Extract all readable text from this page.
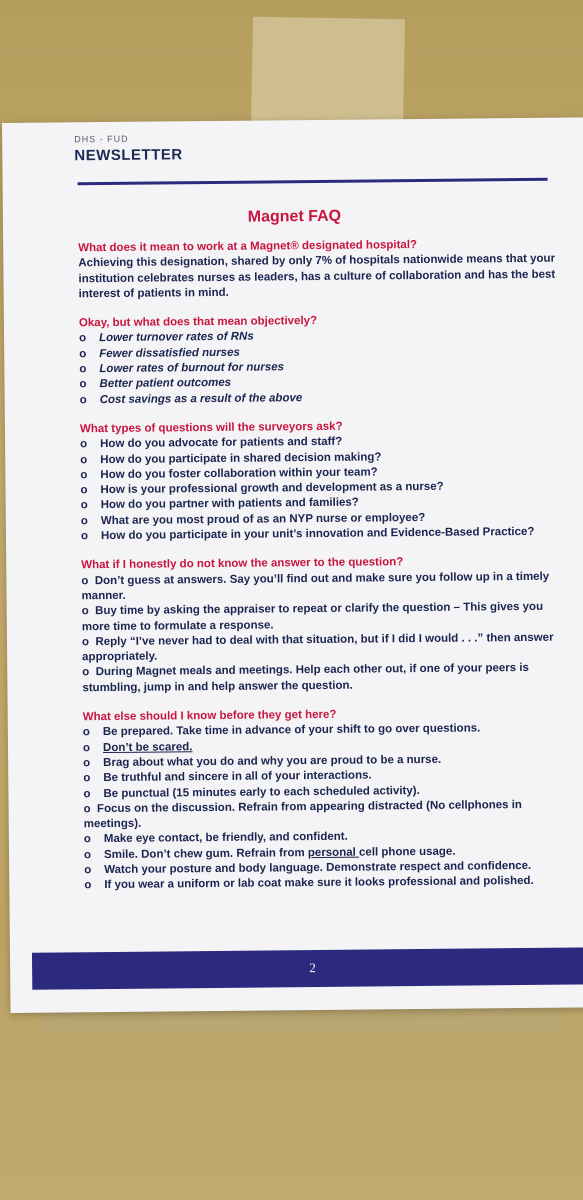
DHS - FUD
NEWSLETTER
Magnet FAQ
What does it mean to work at a Magnet® designated hospital?
Achieving this designation, shared by only 7% of hospitals nationwide means that your institution celebrates nurses as leaders, has a culture of collaboration and has the best interest of patients in mind.
Okay, but what does that mean objectively?
o	Lower turnover rates of RNs
o	Fewer dissatisfied nurses
o	Lower rates of burnout for nurses
o	Better patient outcomes
o	Cost savings as a result of the above
What types of questions will the surveyors ask?
o	How do you advocate for patients and staff?
o	How do you participate in shared decision making?
o	How do you foster collaboration within your team?
o	How is your professional growth and development as a nurse?
o	How do you partner with patients and families?
o	What are you most proud of as an NYP nurse or employee?
o	How do you participate in your unit’s innovation and Evidence-Based Practice?
What if I honestly do not know the answer to the question?
o  Don’t guess at answers. Say you’ll find out and make sure you follow up in a timely manner.
o  Buy time by asking the appraiser to repeat or clarify the question – This gives you more time to formulate a response.
o  Reply “I’ve never had to deal with that situation, but if I did I would . . .” then answer appropriately.
o  During Magnet meals and meetings. Help each other out, if one of your peers is stumbling, jump in and help answer the question.
What else should I know before they get here?
o	Be prepared. Take time in advance of your shift to go over questions.
o	Don’t be scared.
o	Brag about what you do and why you are proud to be a nurse.
o	Be truthful and sincere in all of your interactions.
o	Be punctual (15 minutes early to each scheduled activity).
o  Focus on the discussion. Refrain from appearing distracted (No cellphones in meetings).
o	Make eye contact, be friendly, and confident.
o	Smile. Don’t chew gum. Refrain from personal cell phone usage.
o	Watch your posture and body language. Demonstrate respect and confidence.
o	If you wear a uniform or lab coat make sure it looks professional and polished.
2
